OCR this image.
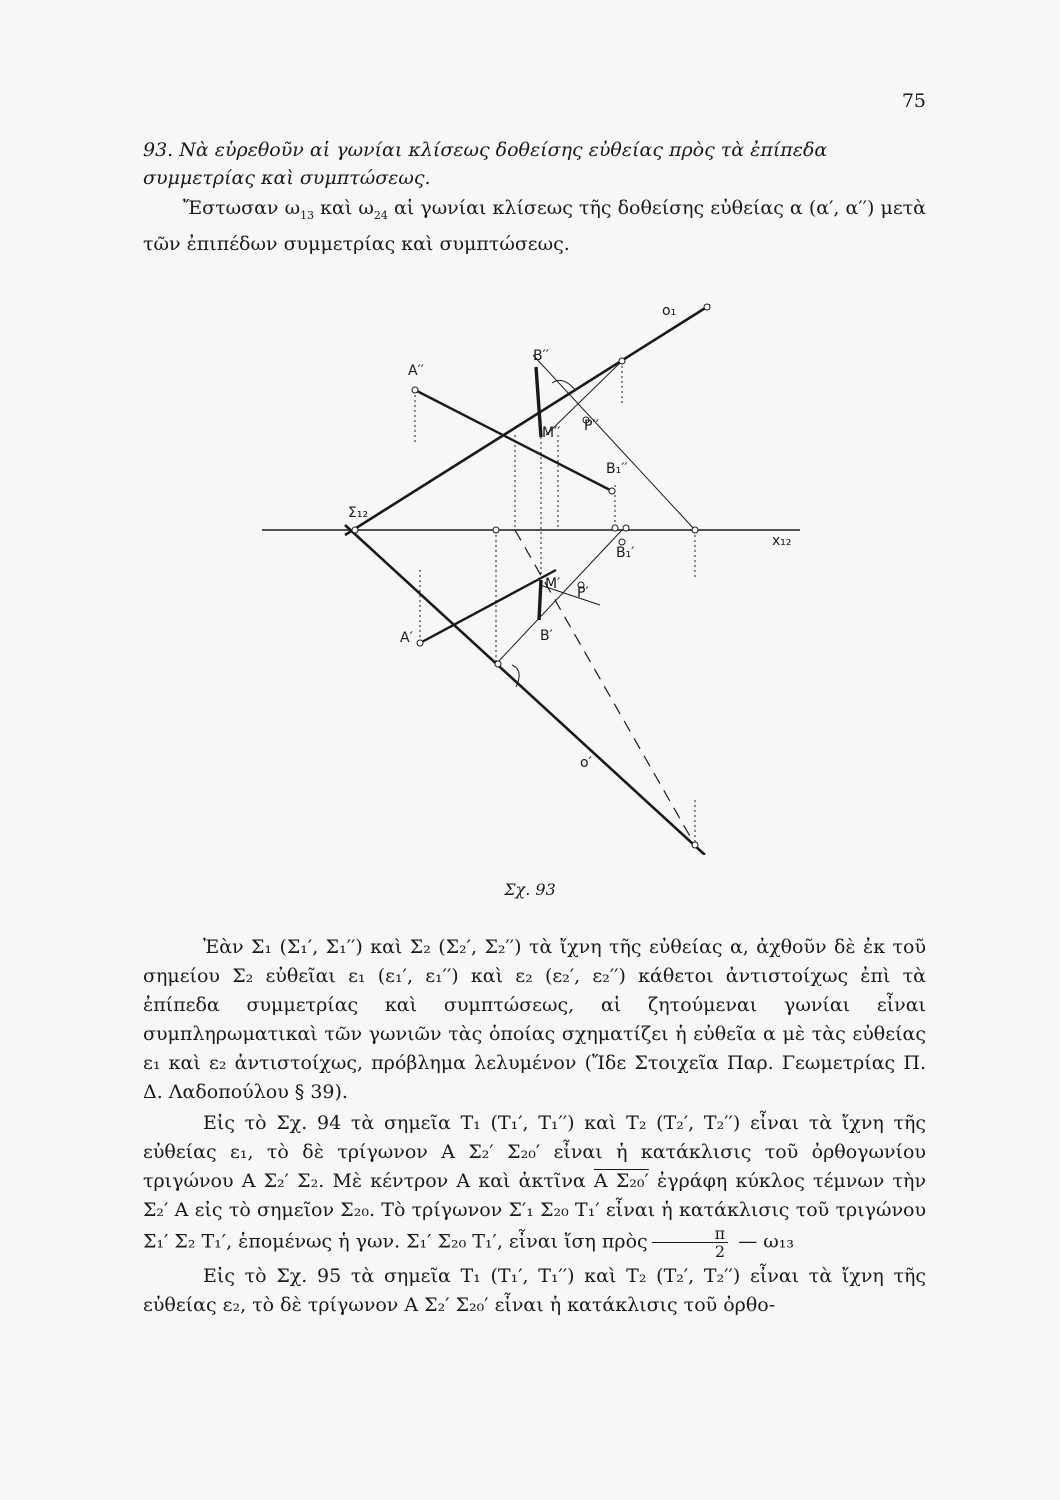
75

93. Νὰ εὑρεθοῦν αἱ γωνίαι κλίσεως δοθείσης εὐθείας πρὸς τὰ ἐπίπεδα συμμετρίας καὶ συμπτώσεως.

Ἔστωσαν $\omega_{13}$ καὶ $\omega_{24}$ αἱ γωνίαι κλίσεως τῆς δοθείσης εὐθείας α (α′, α′′) μετὰ τῶν ἐπιπέδων συμμετρίας καὶ συμπτώσεως.

ο₁
Α′′
Β′′
Μ′′ Ρ′′
Β₁′′
Σ₁₂
x₁₂
Β₁′
Μ′
Ρ′
Α′	Β′
ο′
Σχ. 93

Ἐὰν Σ₁ (Σ₁′, Σ₁′′) καὶ Σ₂ (Σ₂′, Σ₂′′) τὰ ἴχνη τῆς εὐθείας α, ἀχθοῦν δὲ ἐκ τοῦ σημείου Σ₂ εὐθεῖαι ε₁ (ε₁′, ε₁′′) καὶ ε₂ (ε₂′, ε₂′′) κάθετοι ἀντιστοίχως ἐπὶ τὰ ἐπίπεδα συμμετρίας καὶ συμπτώσεως, αἱ ζητούμεναι γωνίαι εἶναι συμπληρωματικαὶ τῶν γωνιῶν τὰς ὁποίας σχηματίζει ἡ εὐθεῖα α μὲ τὰς εὐθείας ε₁ καὶ ε₂ ἀντιστοίχως, πρόβλημα λελυμένον (Ἴδε Στοιχεῖα Παρ. Γεωμετρίας Π. Δ. Λαδοπούλου § 39).

Εἰς τὸ Σχ. 94 τὰ σημεῖα Τ₁ (Τ₁′, Τ₁′′) καὶ Τ₂ (Τ₂′, Τ₂′′) εἶναι τὰ ἴχνη τῆς εὐθείας ε₁, τὸ δὲ τρίγωνον Α Σ₂′ Σ₂₀′ εἶναι ἡ κατάκλισις τοῦ ὀρθογωνίου τριγώνου Α Σ₂′ Σ₂. Μὲ κέντρον Α καὶ ἀκτῖνα Α Σ₂₀′ ἐγράφη κύκλος τέμνων τὴν Σ₂′ Α εἰς τὸ σημεῖον Σ₂₀. Τὸ τρίγωνον Σ′₁ Σ₂₀ Τ₁′ εἶναι ἡ κατάκλισις τοῦ τριγώνου Σ₁′ Σ₂ Τ₁′, ἑπομένως ἡ γων. Σ₁′ Σ₂₀ Τ₁′, εἶναι ἴση πρὸς $\frac{\pi}{2}$ — ω₁₃

Εἰς τὸ Σχ. 95 τὰ σημεῖα Τ₁ (Τ₁′, Τ₁′′) καὶ Τ₂ (Τ₂′, Τ₂′′) εἶναι τὰ ἴχνη τῆς εὐθείας ε₂, τὸ δὲ τρίγωνον Α Σ₂′ Σ₂₀′ εἶναι ἡ κατάκλισις τοῦ ὀρθο-
